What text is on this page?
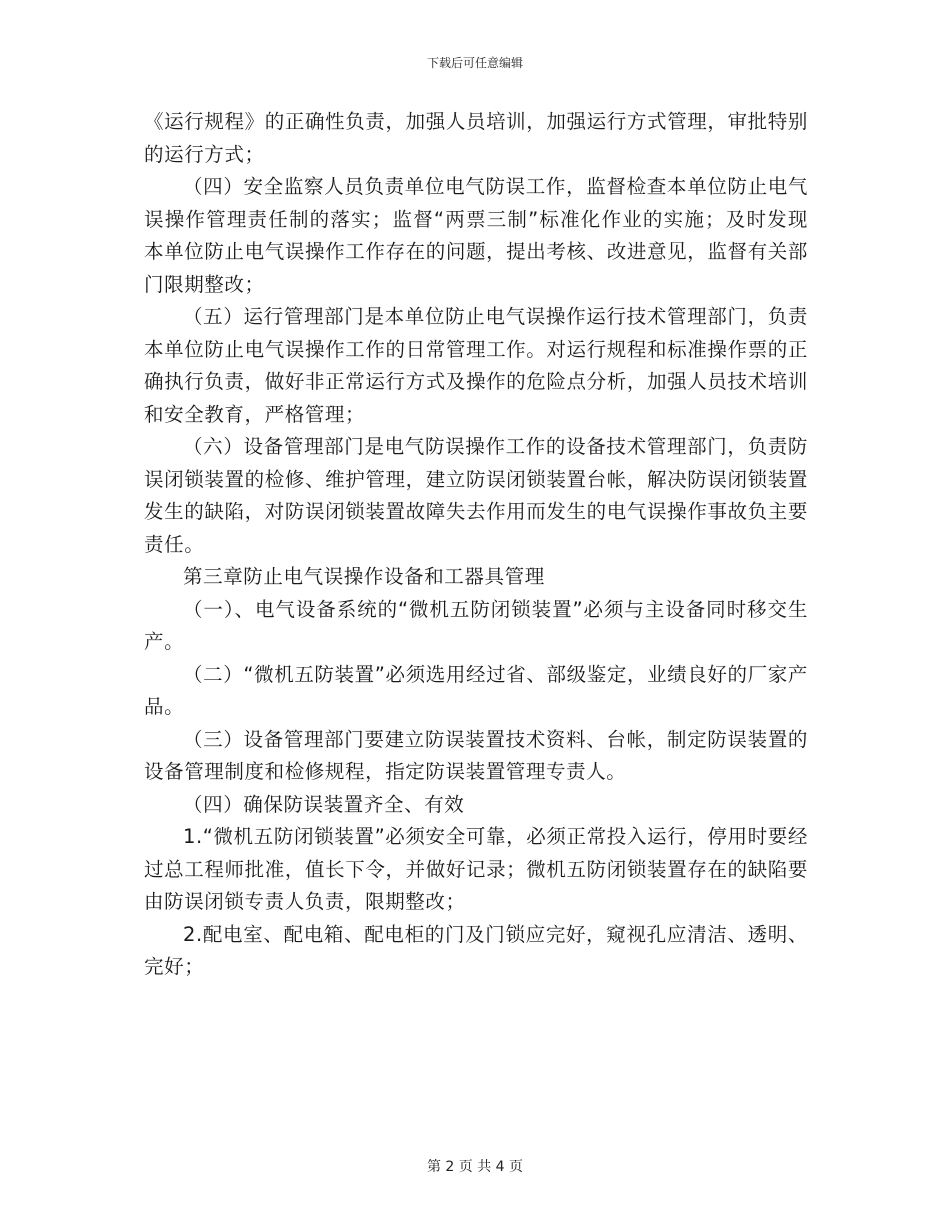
下载后可任意编辑

《运行规程》的正确性负责，加强人员培训，加强运行方式管理，审批特别的运行方式；

（四）安全监察人员负责单位电气防误工作，监督检查本单位防止电气误操作管理责任制的落实；监督“两票三制”标准化作业的实施；及时发现本单位防止电气误操作工作存在的问题，提出考核、改进意见，监督有关部门限期整改；

（五）运行管理部门是本单位防止电气误操作运行技术管理部门，负责本单位防止电气误操作工作的日常管理工作。对运行规程和标准操作票的正确执行负责，做好非正常运行方式及操作的危险点分析，加强人员技术培训和安全教育，严格管理；

（六）设备管理部门是电气防误操作工作的设备技术管理部门，负责防误闭锁装置的检修、维护管理，建立防误闭锁装置台帐，解决防误闭锁装置发生的缺陷，对防误闭锁装置故障失去作用而发生的电气误操作事故负主要责任。

第三章防止电气误操作设备和工器具管理

（一）、电气设备系统的“微机五防闭锁装置”必须与主设备同时移交生产。

（二）“微机五防装置”必须选用经过省、部级鉴定，业绩良好的厂家产品。

（三）设备管理部门要建立防误装置技术资料、台帐，制定防误装置的设备管理制度和检修规程，指定防误装置管理专责人。

（四）确保防误装置齐全、有效

1.“微机五防闭锁装置”必须安全可靠，必须正常投入运行，停用时要经过总工程师批准，值长下令，并做好记录；微机五防闭锁装置存在的缺陷要由防误闭锁专责人负责，限期整改；

2.配电室、配电箱、配电柜的门及门锁应完好，窥视孔应清洁、透明、完好；

第 2 页 共 4 页
